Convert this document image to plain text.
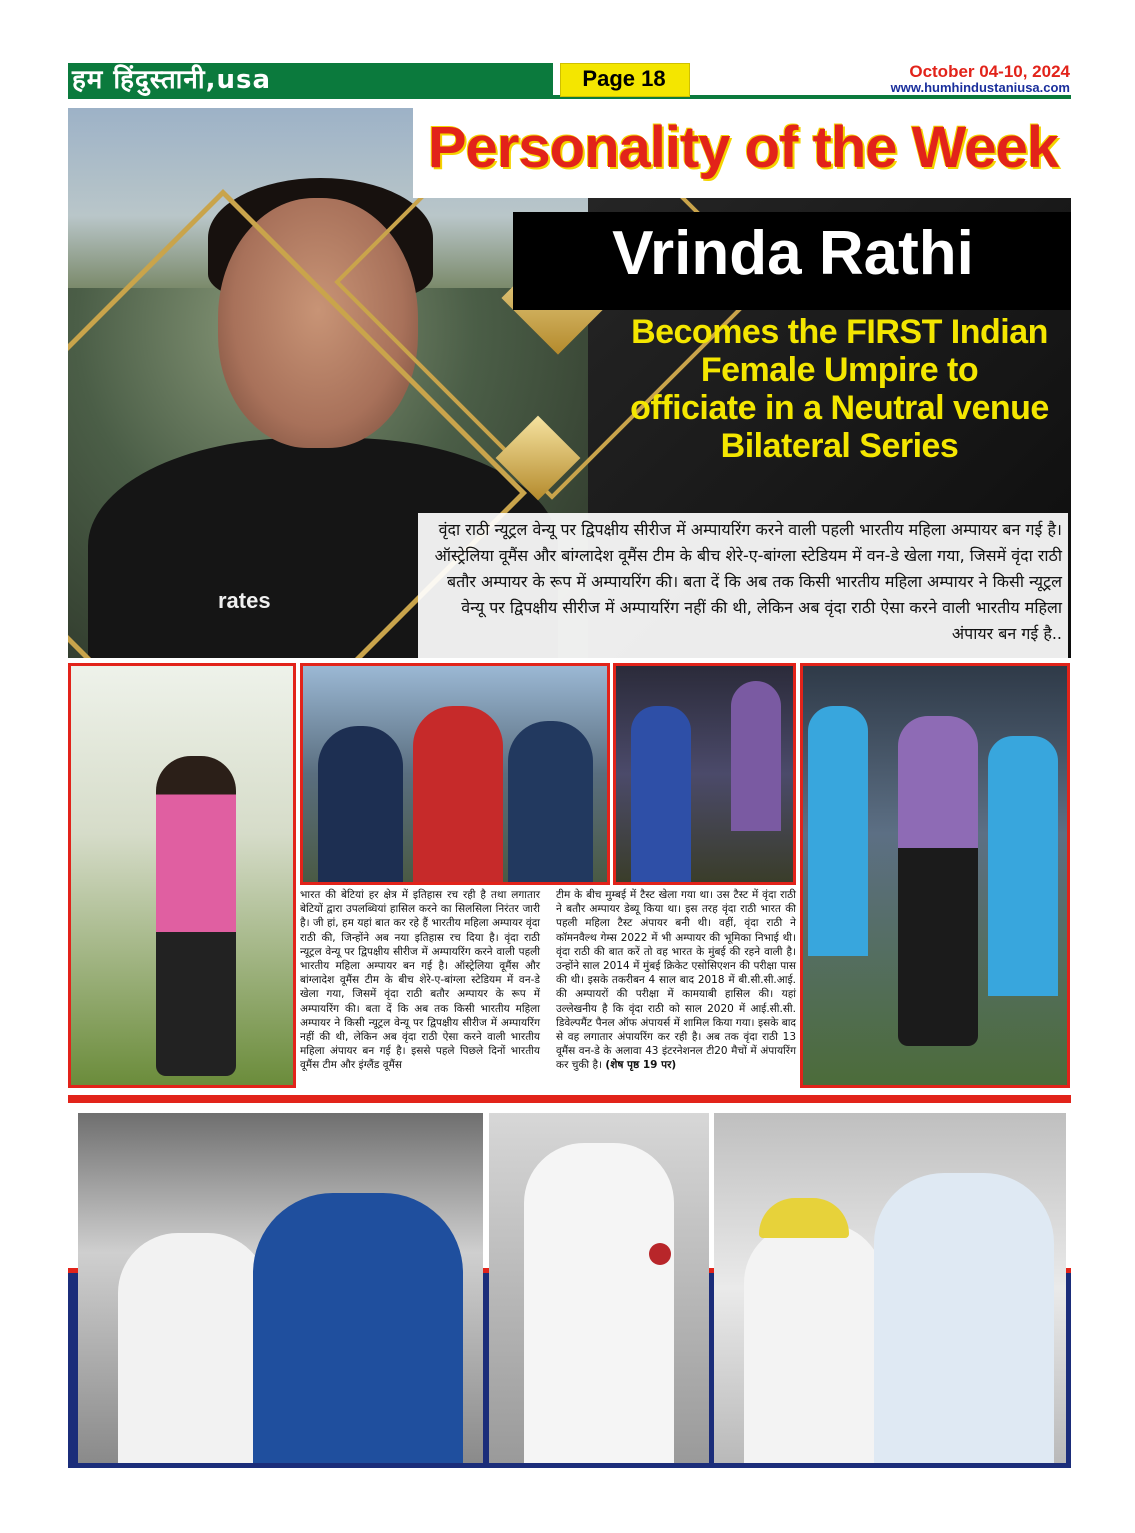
हम हिंदुस्तानी,usa	Page 18	October 04-10, 2024
www.humhindustaniusa.com
rates
Personality of the Week
Vrinda Rathi
Becomes the FIRST Indian
Female Umpire to
officiate in a Neutral venue
Bilateral Series
वृंदा राठी न्यूट्रल वेन्यू पर द्विपक्षीय सीरीज में अम्पायरिंग करने वाली पहली भारतीय महिला अम्पायर बन गई है। ऑस्ट्रेलिया वूमैंस और बांग्लादेश वूमैंस टीम के बीच शेरे-ए-बांग्ला स्टेडियम में वन-डे खेला गया, जिसमें वृंदा राठी बतौर अम्पायर के रूप में अम्पायरिंग की। बता दें कि अब तक किसी भारतीय महिला अम्पायर ने किसी न्यूट्रल वेन्यू पर द्विपक्षीय सीरीज में अम्पायरिंग नहीं की थी, लेकिन अब वृंदा राठी ऐसा करने वाली भारतीय महिला अंपायर बन गई है..
भारत की बेटियां हर क्षेत्र में इतिहास रच रही है तथा लगातार बेटियों द्वारा उपलब्धियां हासिल करने का सिलसिला निरंतर जारी है। जी हां, हम यहां बात कर रहे हैं भारतीय महिला अम्पायर वृंदा राठी की, जिन्होंने अब नया इतिहास रच दिया है। वृंदा राठी न्यूट्रल वेन्यू पर द्विपक्षीय सीरीज में अम्पायरिंग करने वाली पहली भारतीय महिला अम्पायर बन गई है। ऑस्ट्रेलिया वूमैंस और बांग्लादेश वूमैंस टीम के बीच शेरे-ए-बांग्ला स्टेडियम में वन-डे खेला गया, जिसमें वृंदा राठी बतौर अम्पायर के रूप में अम्पायरिंग की। बता दें कि अब तक किसी भारतीय महिला अम्पायर ने किसी न्यूट्रल वेन्यू पर द्विपक्षीय सीरीज में अम्पायरिंग नहीं की थी, लेकिन अब वृंदा राठी ऐसा करने वाली भारतीय महिला अंपायर बन गई है। इससे पहले पिछले दिनों भारतीय वूमैंस टीम और इंग्लैंड वूमैंस
टीम के बीच मुम्बई में टैस्ट खेला गया था। उस टैस्ट में वृंदा राठी ने बतौर अम्पायर डेब्यू किया था। इस तरह वृंदा राठी भारत की पहली महिला टैस्ट अंपायर बनी थी। वहीं, वृंदा राठी ने कॉमनवैल्थ गेम्स 2022 में भी अम्पायर की भूमिका निभाई थी। वृंदा राठी की बात करें तो वह भारत के मुंबई की रहने वाली है। उन्होंने साल 2014 में मुंबई क्रिकेट एसोसिएशन की परीक्षा पास की थी। इसके तकरीबन 4 साल बाद 2018 में बी.सी.सी.आई. की अम्पायरों की परीक्षा में कामयाबी हासिल की। यहां उल्लेखनीय है कि वृंदा राठी को साल 2020 में आई.सी.सी. डिवेल्पमैंट पैनल ऑफ अंपायर्स में शामिल किया गया। इसके बाद से वह लगातार अंपायरिंग कर रही है। अब तक वृंदा राठी 13 वूमैंस वन-डे के अलावा 43 इंटरनेशनल टी20 मैचों में अंपायरिंग कर चुकी है। (शेष पृष्ठ 19 पर)
